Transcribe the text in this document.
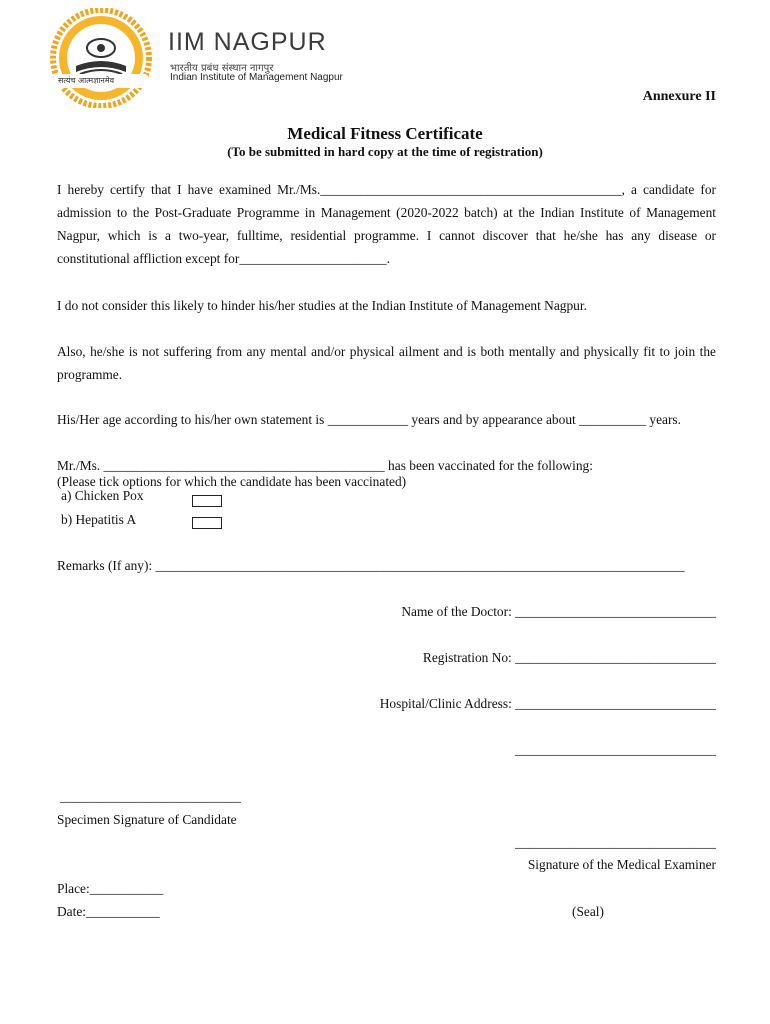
सत्यंच आत्मज्ञानमेव
IIM NAGPUR
भारतीय प्रबंध संस्थान नागपुर
Indian Institute of Management Nagpur
Annexure II
Medical Fitness Certificate
(To be submitted in hard copy at the time of registration)
I hereby certify that I have examined Mr./Ms._____________________________________________, a candidate for admission to the Post-Graduate Programme in Management (2020-2022 batch) at the Indian Institute of Management Nagpur, which is a two-year, fulltime, residential programme. I cannot discover that he/she has any disease or constitutional affliction except for______________________.
I do not consider this likely to hinder his/her studies at the Indian Institute of Management Nagpur.
Also, he/she is not suffering from any mental and/or physical ailment and is both mentally and physically fit to join the programme.
His/Her age according to his/her own statement is ____________ years and by appearance about __________ years.
Mr./Ms. __________________________________________ has been vaccinated for the following:
(Please tick options for which the candidate has been vaccinated)
a) Chicken Pox
b) Hepatitis A
Remarks (If any): _______________________________________________________________________________
Name of the Doctor: ______________________________
Registration No: ______________________________
Hospital/Clinic Address: ______________________________
______________________________
___________________________
Specimen Signature of Candidate
______________________________
Signature of the Medical Examiner
Place:___________
Date:___________	(Seal)
